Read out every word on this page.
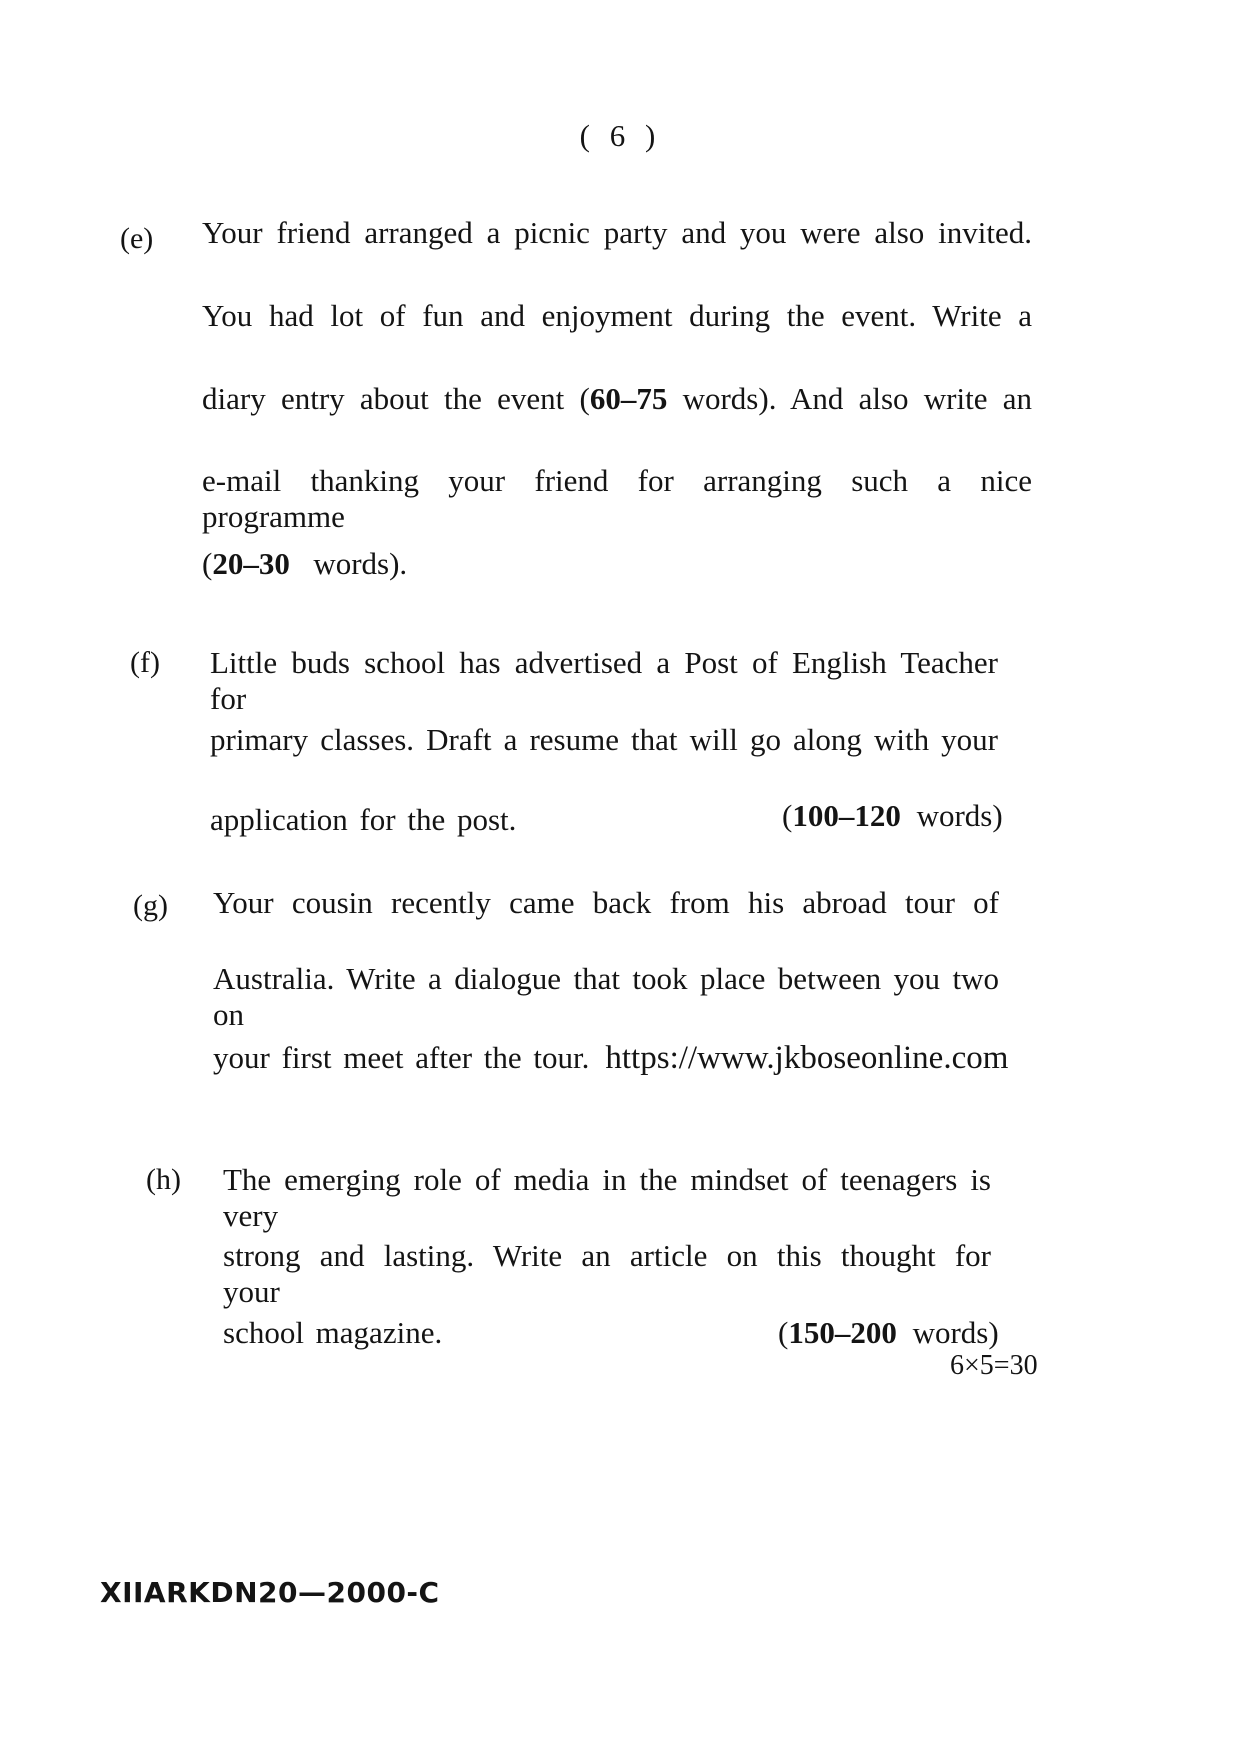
( 6 )
(e) Your friend arranged a picnic party and you were also invited.
You had lot of fun and enjoyment during the event. Write a
diary entry about the event (60–75 words). And also write an
e-mail thanking your friend for arranging such a nice programme
(20–30  words).
(f) Little buds school has advertised a Post of English Teacher for
primary classes. Draft a resume that will go along with your
application for the post.	(100–120 words)
(g) Your cousin recently came back from his abroad tour of
Australia. Write a dialogue that took place between you two on
your first meet after the tour. https://www.jkboseonline.com
(h) The emerging role of media in the mindset of teenagers is very
strong and lasting. Write an article on this thought for your
school magazine.	(150–200 words)
6×5=30
XIIARKDN20—2000-C
